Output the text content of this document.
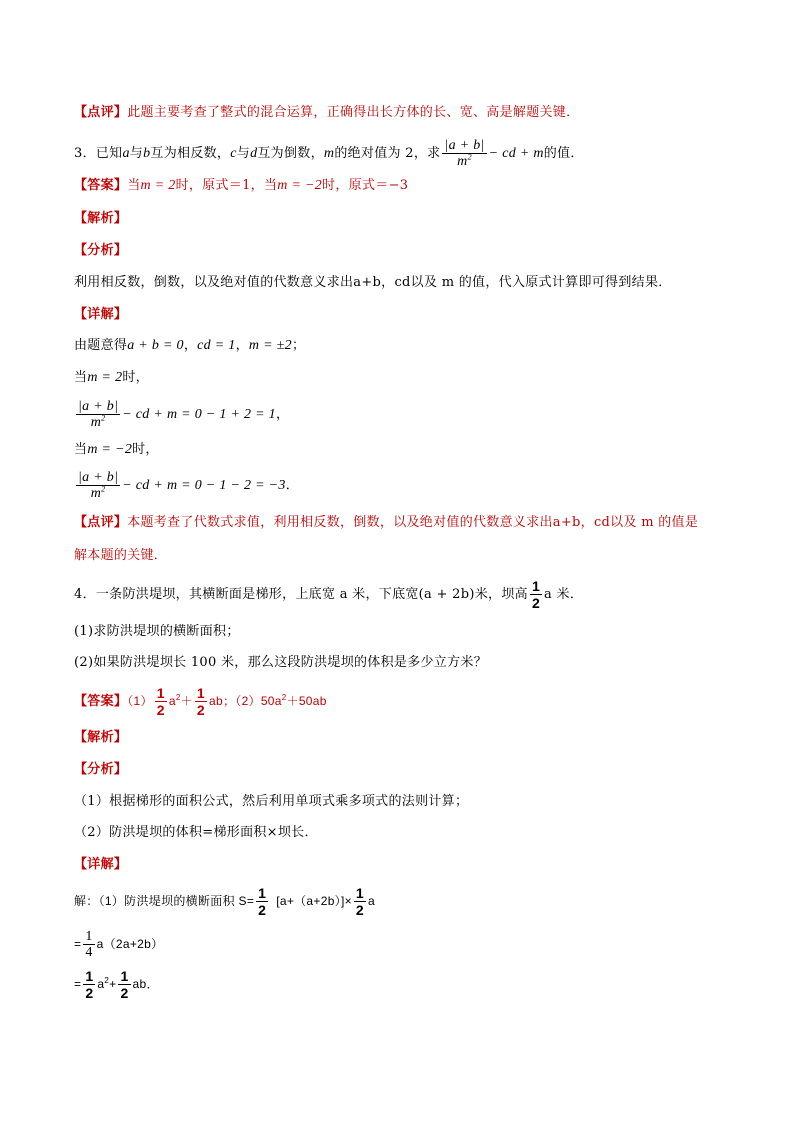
【点评】此题主要考查了整式的混合运算，正确得出长方体的长、宽、高是解题关键．
3．已知a与b互为相反数，c与d互为倒数，m的绝对值为 2，求 $\frac{|a + b|}{m^2}$ − cd + m的值．
【答案】当m = 2时，原式＝1，当m = −2时，原式＝−3
【解析】
【分析】
利用相反数，倒数，以及绝对值的代数意义求出a+b，cd以及 m 的值，代入原式计算即可得到结果．
【详解】
由题意得a + b = 0，cd = 1，m = ±2；
当m = 2时，
$\frac{|a + b|}{m^2}$ − cd + m = 0 − 1 + 2 = 1，
当m = −2时，
$\frac{|a + b|}{m^2}$ − cd + m = 0 − 1 − 2 = −3．
【点评】本题考查了代数式求值，利用相反数，倒数，以及绝对值的代数意义求出a+b，cd以及 m 的值是
解本题的关键．
4．一条防洪堤坝，其横断面是梯形，上底宽 a 米，下底宽(a + 2b)米，坝高 $\frac{1}{2}$ a 米．
(1)求防洪堤坝的横断面积；
(2)如果防洪堤坝长 100 米，那么这段防洪堤坝的体积是多少立方米？
【答案】$(1) \frac{1}{2} a^2+ \frac{1}{2}$ ab；$(2)50a^2+50ab$
【解析】
【分析】
（1）根据梯形的面积公式，然后利用单项式乘多项式的法则计算；
（2）防洪堤坝的体积=梯形面积×坝长．
【详解】
解：（1）防洪堤坝的横断面积 $S= \frac{1}{2} [a+(a+2b)]\times \frac{1}{2}$ a
= $\frac{1}{4} a(2a+2b)$
= $\frac{1}{2} a^2+ \frac{1}{2}$ ab．
